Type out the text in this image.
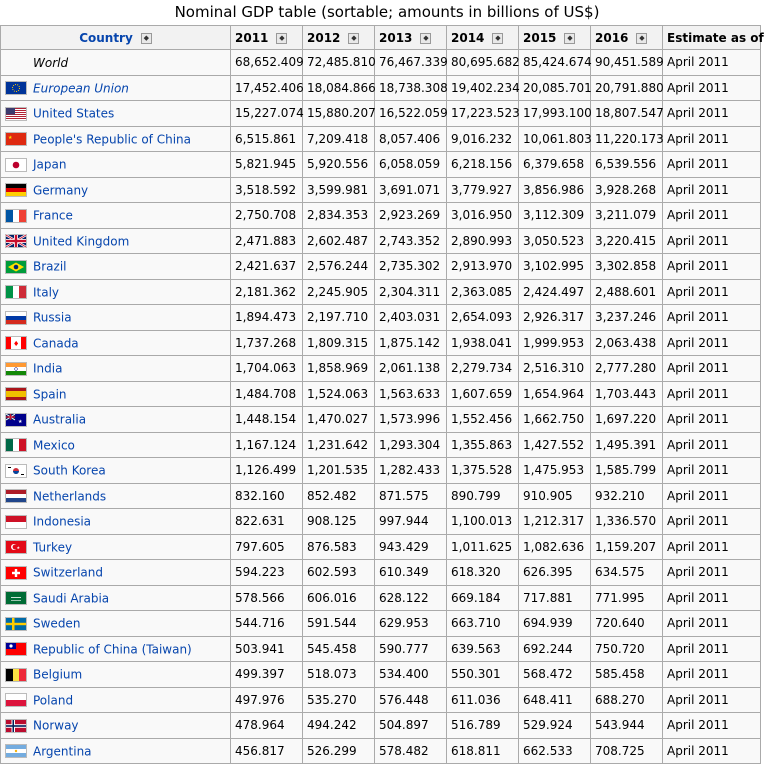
Nominal GDP table (sortable; amounts in billions of US$)
Country ◆	2011 ◆	2012 ◆	2013 ◆	2014 ◆	2015 ◆	2016 ◆	Estimate as of
World	68,652.409	72,485.810	76,467.339	80,695.682	85,424.674	90,451.589	April 2011
European Union	17,452.406	18,084.866	18,738.308	19,402.234	20,085.701	20,791.880	April 2011
United States	15,227.074	15,880.207	16,522.059	17,223.523	17,993.100	18,807.547	April 2011

★ People's Republic of China	6,515.861	7,209.418	8,057.406	9,016.232	10,061.803	11,220.173	April 2011
Japan	5,821.945	5,920.556	6,058.059	6,218.156	6,379.658	6,539.556	April 2011
Germany	3,518.592	3,599.981	3,691.071	3,779.927	3,856.986	3,928.268	April 2011
France	2,750.708	2,834.353	2,923.269	3,016.950	3,112.309	3,211.079	April 2011
United Kingdom	2,471.883	2,602.487	2,743.352	2,890.993	3,050.523	3,220.415	April 2011
Brazil	2,421.637	2,576.244	2,735.302	2,913.970	3,102.995	3,302.858	April 2011
Italy	2,181.362	2,245.905	2,304.311	2,363.085	2,424.497	2,488.601	April 2011
Russia	1,894.473	2,197.710	2,403.031	2,654.093	2,926.317	3,237.246	April 2011

♦ Canada	1,737.268	1,809.315	1,875.142	1,938.041	1,999.953	2,063.438	April 2011
India	1,704.063	1,858.969	2,061.138	2,279.734	2,516.310	2,777.280	April 2011
Spain	1,484.708	1,524.063	1,563.633	1,607.659	1,654.964	1,703.443	April 2011

★ Australia	1,448.154	1,470.027	1,573.996	1,552.456	1,662.750	1,697.220	April 2011
Mexico	1,167.124	1,231.642	1,293.304	1,355.863	1,427.552	1,495.391	April 2011
South Korea	1,126.499	1,201.535	1,282.433	1,375.528	1,475.953	1,585.799	April 2011
Netherlands	832.160	852.482	871.575	890.799	910.905	932.210	April 2011
Indonesia	822.631	908.125	997.944	1,100.013	1,212.317	1,336.570	April 2011

★ Turkey	797.605	876.583	943.429	1,011.625	1,082.636	1,159.207	April 2011
Switzerland	594.223	602.593	610.349	618.320	626.395	634.575	April 2011
Saudi Arabia	578.566	606.016	628.122	669.184	717.881	771.995	April 2011
Sweden	544.716	591.544	629.953	663.710	694.939	720.640	April 2011
Republic of China (Taiwan)	503.941	545.458	590.777	639.563	692.244	750.720	April 2011
Belgium	499.397	518.073	534.400	550.301	568.472	585.458	April 2011
Poland	497.976	535.270	576.448	611.036	648.411	688.270	April 2011
Norway	478.964	494.242	504.897	516.789	529.924	543.944	April 2011
Argentina	456.817	526.299	578.482	618.811	662.533	708.725	April 2011
